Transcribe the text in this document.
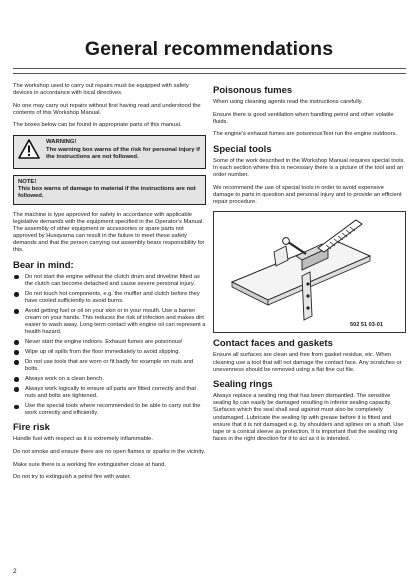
General recommendations

The workshop used to carry out repairs must be equipped with safety devices in accordance with local directives.

No one may carry out repairs without first having read and understood the contents of this Workshop Manual.

The boxes below can be found in appropriate parts of this manual.

WARNING!
The warning box warns of the risk for personal injury if the instructions are not followed.
NOTE!
This box warns of damage to material if the instructions are not followed.

The machine is type approved for safety in accordance with applicable legislative demands with the equipment specified in the Operator’s Manual. The assembly of other equipment or accessories or spare parts not approved by Husqvarna can result in the failure to meet these safety demands and that the person carrying out assembly bears responsibility for this.

Bear in mind:
Do not start the engine without the clutch drum and driveline fitted as the clutch can become detached and cause severe personal injury.
Do not touch hot components, e.g. the muffler and clutch before they have cooled sufficiently to avoid burns.
Avoid getting fuel or oil on your skin or in your mouth. Use a barrier cream on your hands. This reduces the risk of infection and makes dirt easier to wash away. Long term contact with engine oil can represent a health hazard.
Never start the engine indoors. Exhaust fumes are poisonous!
Wipe up oil spills from the floor immediately to avoid slipping.
Do not use tools that are worn or fit badly for example on nuts and bolts.
Always work on a clean bench.
Always work logically to ensure all parts are fitted correctly and that nuts and bolts are tightened.
Use the special tools where recommended to be able to carry out the work correctly and efficiently.
Fire risk

Handle fuel with respect as it is extremely inflammable.

Do not smoke and ensure there are no open flames or sparks in the vicinity.

Make sure there is a working fire extinguisher close at hand.

Do not try to extinguish a petrol fire with water.

Poisonous fumes

When using cleaning agents read the instructions carefully.

Ensure there is good ventilation when handling petrol and other volatile fluids.

The engine’s exhaust fumes are poisonousTest run the engine outdoors.

Special tools

Some of the work described in the Workshop Manual requires special tools. In each section where this is necessary there is a picture of the tool and an order number.

We recommend the use of special tools in order to avoid expensive damage to parts in question and personal injury and to provide an efficient repair procedure.

502 51 03-01
Contact faces and gaskets

Ensure all surfaces are clean and free from gasket residue, etc. When cleaning use a tool that will not damage the contact face. Any scratches or unevenness should be removed using a flat fine cut file.

Sealing rings

Always replace a sealing ring that has been dismantled. The sensitive sealing lip can easily be damaged resulting in inferior sealing capacity. Surfaces which the seal shall seal against must also be completely undamaged. Lubricate the sealing lip with grease before it is fitted and ensure that it is not damaged e.g. by shoulders and splines on a shaft. Use tape or a conical sleeve as protection. It is important that the sealing ring faces in the right direction for it to act as it is intended.

2
